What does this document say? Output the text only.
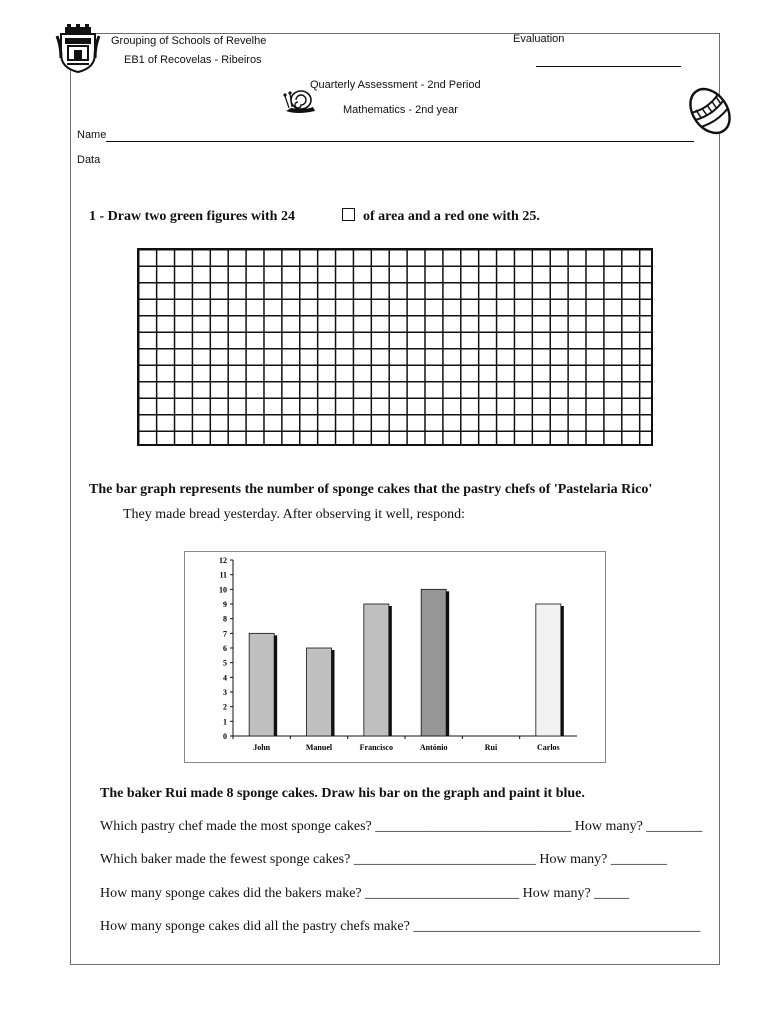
Grouping of Schools of Revelhe
EB1 of Recovelas - Ribeiros
Evaluation
Quarterly Assessment - 2nd Period
Mathematics - 2nd year
Name
Data
1 - Draw two green figures with 24	of area and a red one with 25.
The bar graph represents the number of sponge cakes that the pastry chefs of 'Pastelaria Rico'
They made bread yesterday. After observing it well, respond:
0
1
2
3
4
5
6
7
8
9
10
11
12
John	Manuel	Francisco	António	Rui	Carlos
The baker Rui made 8 sponge cakes. Draw his bar on the graph and paint it blue.
Which pastry chef made the most sponge cakes? ____________________________ How many? ________
Which baker made the fewest sponge cakes? __________________________ How many? ________
How many sponge cakes did the bakers make? ______________________ How many? _____
How many sponge cakes did all the pastry chefs make? _________________________________________
